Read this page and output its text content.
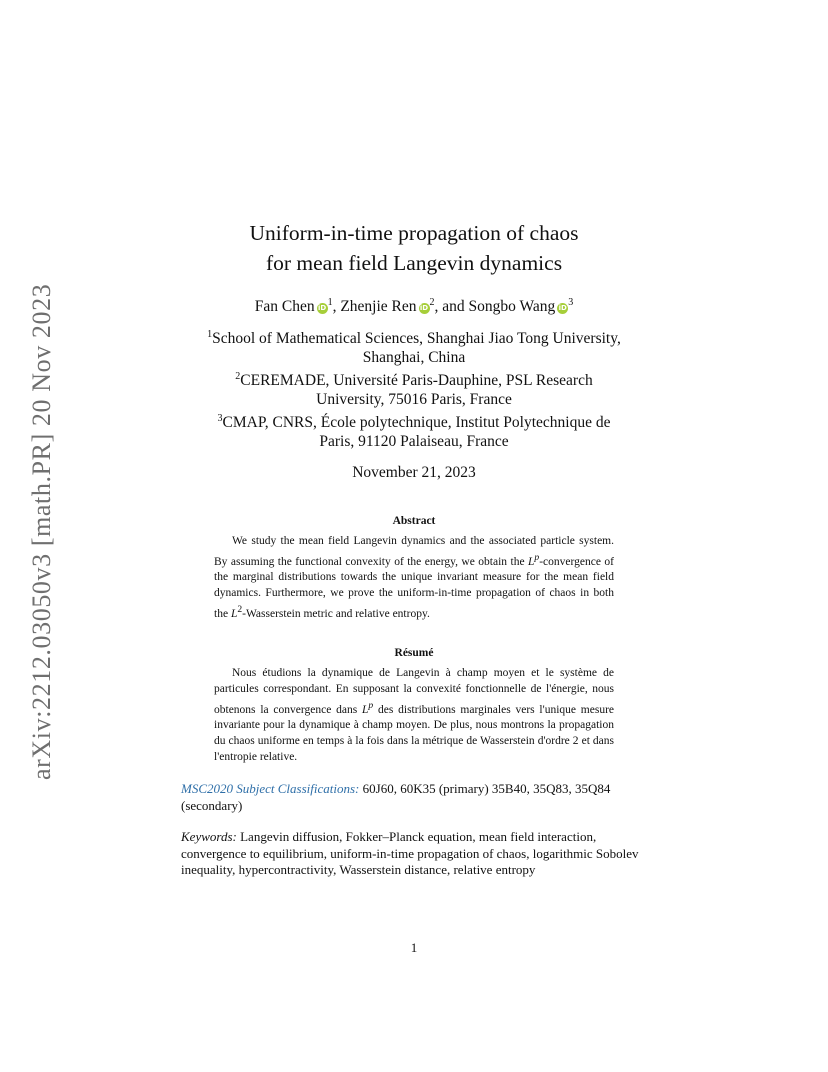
arXiv:2212.03050v3 [math.PR] 20 Nov 2023
Uniform-in-time propagation of chaos
for mean field Langevin dynamics
Fan Chen iD$^1$, Zhenjie Ren iD$^2$, and Songbo Wang iD$^3$
$^1$School of Mathematical Sciences, Shanghai Jiao Tong University,
Shanghai, China
$^2$CEREMADE, Université Paris-Dauphine, PSL Research
University, 75016 Paris, France
$^3$CMAP, CNRS, École polytechnique, Institut Polytechnique de
Paris, 91120 Palaiseau, France
November 21, 2023
Abstract
We study the mean field Langevin dynamics and the associated particle system. By assuming the functional convexity of the energy, we obtain the $L^p$-convergence of the marginal distributions towards the unique invariant measure for the mean field dynamics. Furthermore, we prove the uniform-in-time propagation of chaos in both the $L^2$-Wasserstein metric and relative entropy.
Résumé
Nous étudions la dynamique de Langevin à champ moyen et le système de particules correspondant. En supposant la convexité fonctionnelle de l'énergie, nous obtenons la convergence dans $L^p$ des distributions marginales vers l'unique mesure invariante pour la dynamique à champ moyen. De plus, nous montrons la propagation du chaos uniforme en temps à la fois dans la métrique de Wasserstein d'ordre 2 et dans l'entropie relative.
MSC2020 Subject Classifications: 60J60, 60K35 (primary) 35B40, 35Q83, 35Q84 (secondary)
Keywords: Langevin diffusion, Fokker–Planck equation, mean field interaction, convergence to equilibrium, uniform-in-time propagation of chaos, logarithmic Sobolev inequality, hypercontractivity, Wasserstein distance, relative entropy
1
